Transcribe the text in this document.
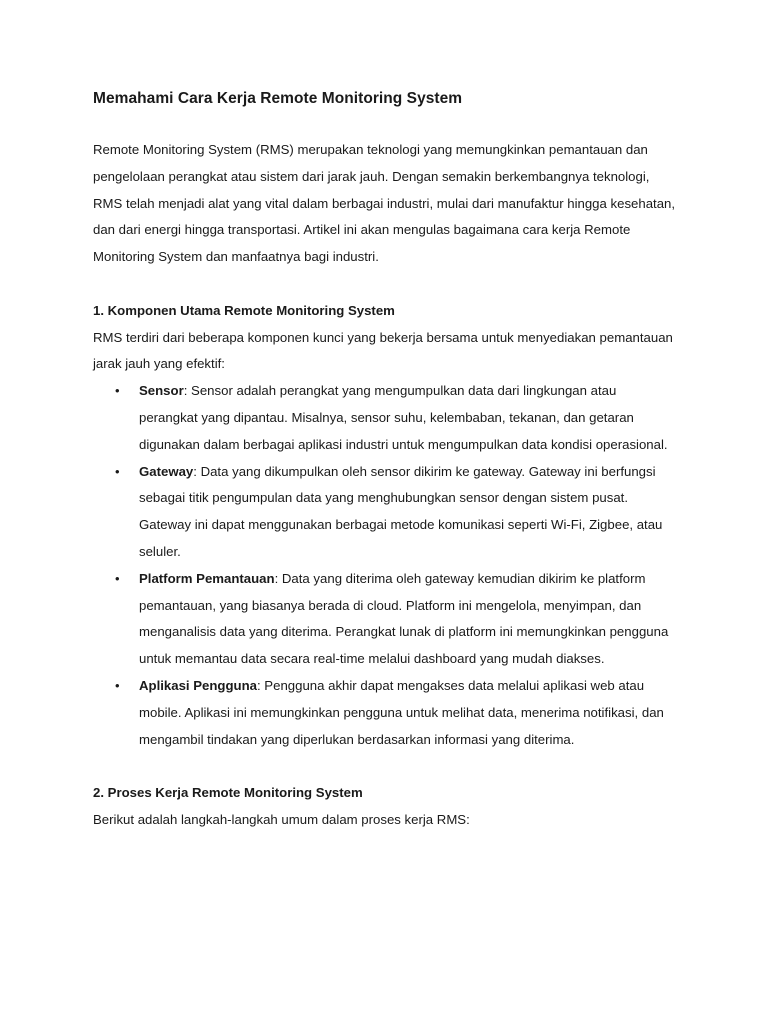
Memahami Cara Kerja Remote Monitoring System

Remote Monitoring System (RMS) merupakan teknologi yang memungkinkan pemantauan dan pengelolaan perangkat atau sistem dari jarak jauh. Dengan semakin berkembangnya teknologi, RMS telah menjadi alat yang vital dalam berbagai industri, mulai dari manufaktur hingga kesehatan, dan dari energi hingga transportasi. Artikel ini akan mengulas bagaimana cara kerja Remote Monitoring System dan manfaatnya bagi industri.

1. Komponen Utama Remote Monitoring System

RMS terdiri dari beberapa komponen kunci yang bekerja bersama untuk menyediakan pemantauan jarak jauh yang efektif:

• Sensor: Sensor adalah perangkat yang mengumpulkan data dari lingkungan atau perangkat yang dipantau. Misalnya, sensor suhu, kelembaban, tekanan, dan getaran digunakan dalam berbagai aplikasi industri untuk mengumpulkan data kondisi operasional.
• Gateway: Data yang dikumpulkan oleh sensor dikirim ke gateway. Gateway ini berfungsi sebagai titik pengumpulan data yang menghubungkan sensor dengan sistem pusat. Gateway ini dapat menggunakan berbagai metode komunikasi seperti Wi-Fi, Zigbee, atau seluler.
• Platform Pemantauan: Data yang diterima oleh gateway kemudian dikirim ke platform pemantauan, yang biasanya berada di cloud. Platform ini mengelola, menyimpan, dan menganalisis data yang diterima. Perangkat lunak di platform ini memungkinkan pengguna untuk memantau data secara real-time melalui dashboard yang mudah diakses.
• Aplikasi Pengguna: Pengguna akhir dapat mengakses data melalui aplikasi web atau mobile. Aplikasi ini memungkinkan pengguna untuk melihat data, menerima notifikasi, dan mengambil tindakan yang diperlukan berdasarkan informasi yang diterima.
2. Proses Kerja Remote Monitoring System

Berikut adalah langkah-langkah umum dalam proses kerja RMS:
